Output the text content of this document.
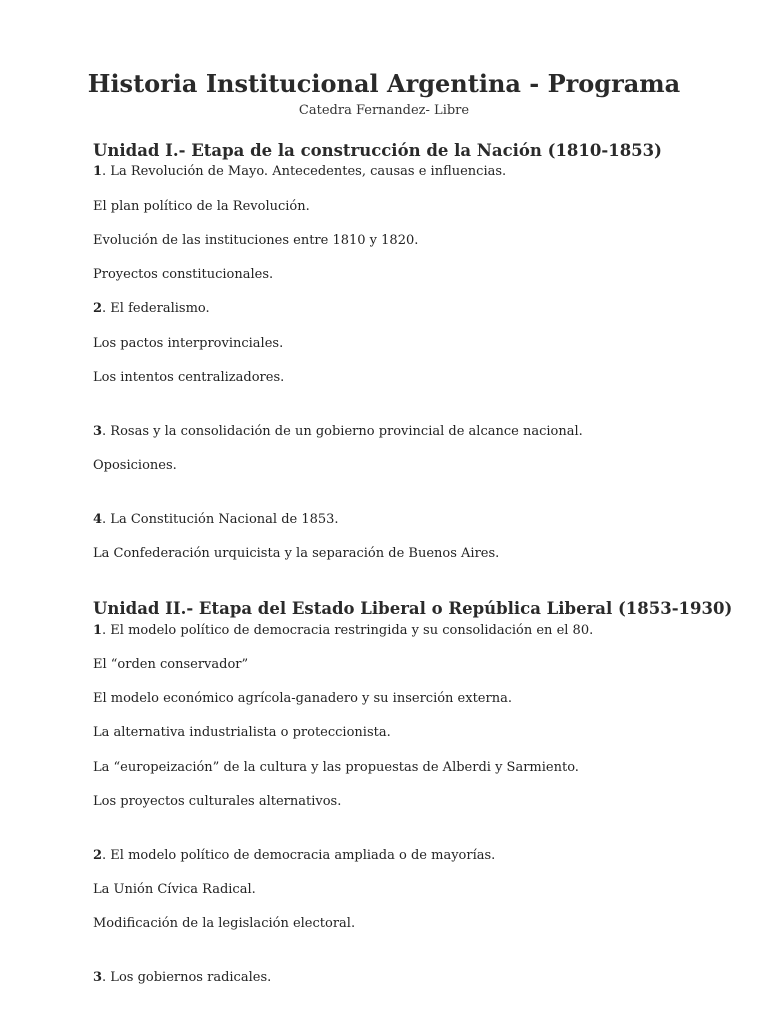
Historia Institucional Argentina - Programa
Catedra Fernandez- Libre
Unidad I.- Etapa de la construcción de la Nación (1810-1853)
1. La Revolución de Mayo. Antecedentes, causas e influencias.
El plan político de la Revolución.
Evolución de las instituciones entre 1810 y 1820.
Proyectos constitucionales.
2. El federalismo.
Los pactos interprovinciales.
Los intentos centralizadores.
3. Rosas y la consolidación de un gobierno provincial de alcance nacional.
Oposiciones.
4. La Constitución Nacional de 1853.
La Confederación urquicista y la separación de Buenos Aires.
Unidad II.- Etapa del Estado Liberal o República Liberal (1853-1930)
1. El modelo político de democracia restringida y su consolidación en el 80.
El “orden conservador”
El modelo económico agrícola-ganadero y su inserción externa.
La alternativa industrialista o proteccionista.
La “europeización” de la cultura y las propuestas de Alberdi y Sarmiento.
Los proyectos culturales alternativos.
2. El modelo político de democracia ampliada o de mayorías.
La Unión Cívica Radical.
Modificación de la legislación electoral.
3. Los gobiernos radicales.
